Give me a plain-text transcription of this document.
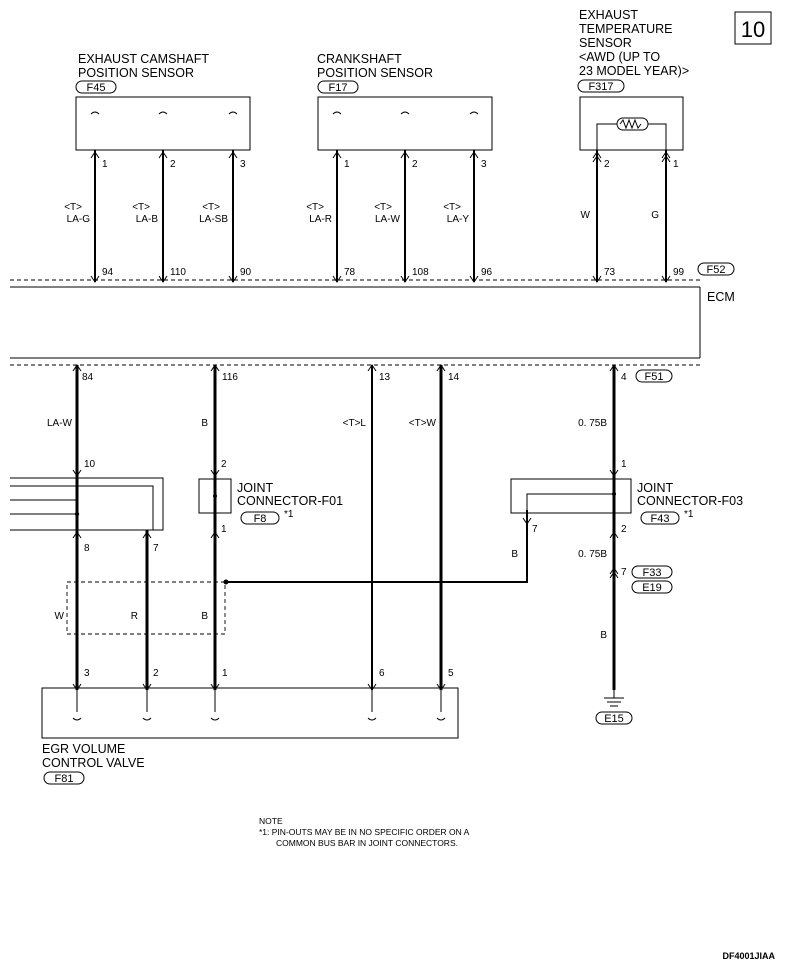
10
EXHAUST CAMSHAFT
POSITION SENSOR
F45
CRANKSHAFT
POSITION SENSOR
F17
EXHAUST
TEMPERATURE
SENSOR
<AWD (UP TO
23 MODEL YEAR)>
F317
ECM
F52
F51
1
<T>
LA-G
94
2
<T>
LA-B
110
3
<T>
LA-SB
90
1
<T>
LA-R
78
2
<T>
LA-W
108
3
<T>
LA-Y
96
2
W
73
1
G
99
84
LA-W
10
8
W
3
7
R
2
116
B
2
1
B
1
JOINT
CONNECTOR-F01
F8 *1
B
13
<T>L
6
14
<T>W
5
4
0. 75B
1
7	2
0. 75B
7
B
JOINT
CONNECTOR-F03
F43 *1
F33
E19
E15
EGR VOLUME
CONTROL VALVE
F81
NOTE
*1: PIN-OUTS MAY BE IN NO SPECIFIC ORDER ON A
COMMON BUS BAR IN JOINT CONNECTORS.
DF4001JIAA
